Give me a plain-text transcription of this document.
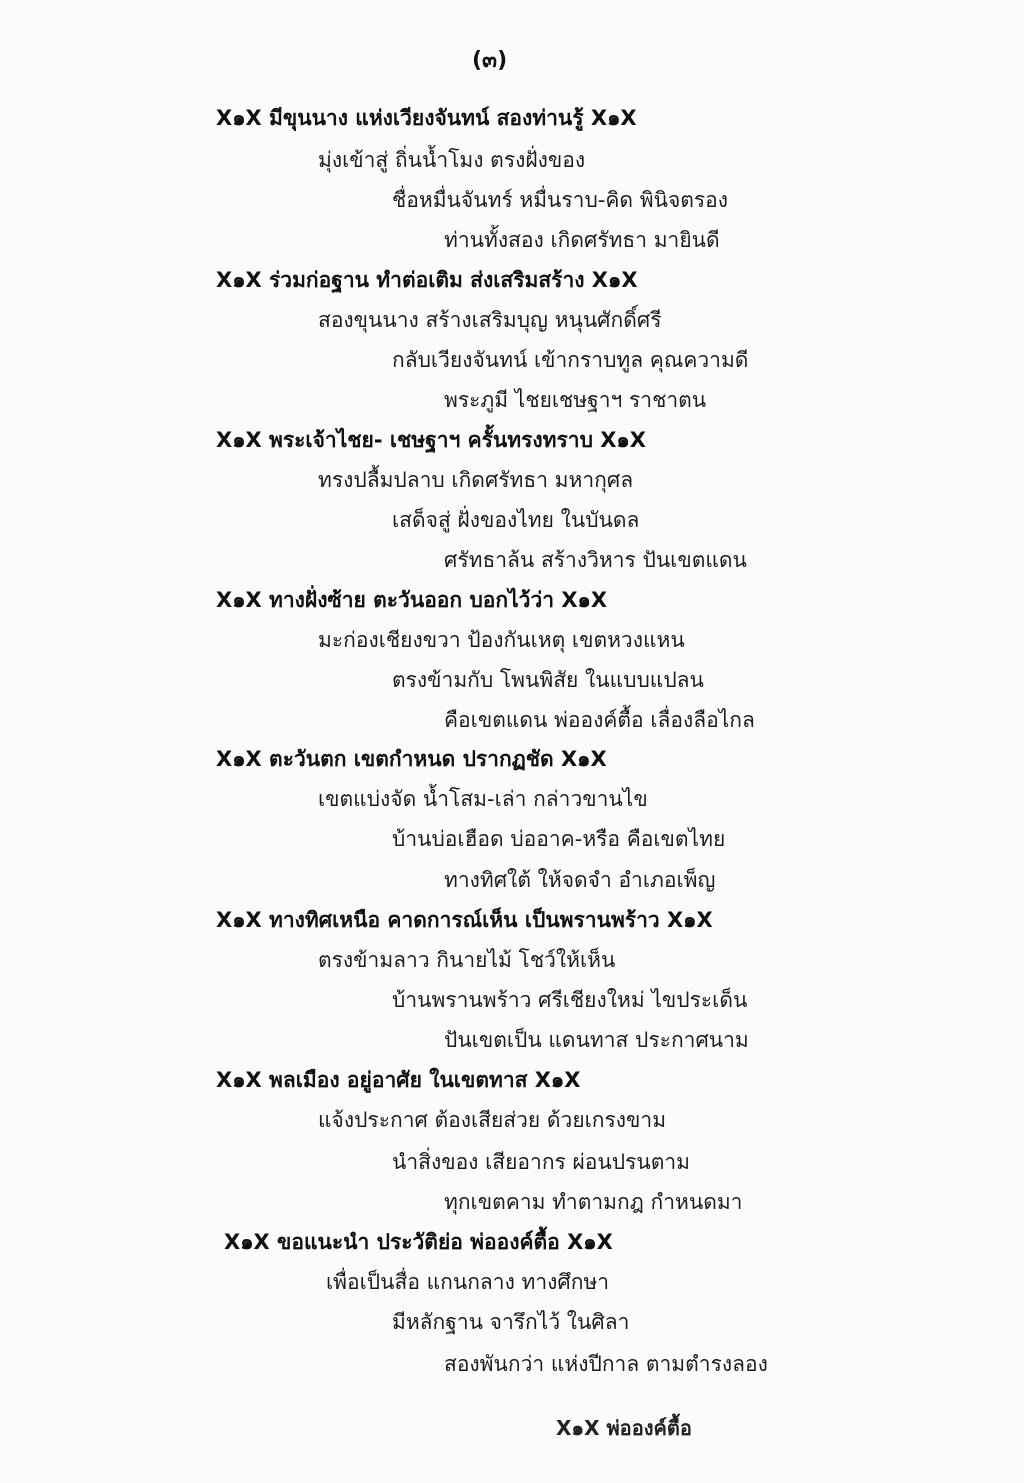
(๓)
X๑X มีขุนนาง แห่งเวียงจันทน์ สองท่านรู้ X๑X
มุ่งเข้าสู่ ถิ่นน้ำโมง ตรงฝั่งของ
ชื่อหมื่นจันทร์ หมื่นราบ-คิด พินิจตรอง
ท่านทั้งสอง เกิดศรัทธา มายินดี
X๑X ร่วมก่อฐาน ทำต่อเติม ส่งเสริมสร้าง X๑X
สองขุนนาง สร้างเสริมบุญ หนุนศักดิ์ศรี
กลับเวียงจันทน์ เข้ากราบทูล คุณความดี
พระภูมี ไชยเชษฐาฯ ราชาตน
X๑X พระเจ้าไชย- เชษฐาฯ ครั้นทรงทราบ X๑X
ทรงปลื้มปลาบ เกิดศรัทธา มหากุศล
เสด็จสู่ ฝั่งของไทย ในบันดล
ศรัทธาล้น สร้างวิหาร ปันเขตแดน
X๑X ทางฝั่งซ้าย ตะวันออก บอกไว้ว่า X๑X
มะก่องเชียงขวา ป้องกันเหตุ เขตหวงแหน
ตรงข้ามกับ โพนพิสัย ในแบบแปลน
คือเขตแดน พ่อองค์ตื้อ เลื่องลือไกล
X๑X ตะวันตก เขตกำหนด ปรากฏชัด X๑X
เขตแบ่งจัด น้ำโสม-เล่า กล่าวขานไข
บ้านบ่อเฮือด บ่ออาค-หรือ คือเขตไทย
ทางทิศใต้ ให้จดจำ อำเภอเพ็ญ
X๑X ทางทิศเหนือ คาดการณ์เห็น เป็นพรานพร้าว X๑X
ตรงข้ามลาว กินายไม้ โชว์ให้เห็น
บ้านพรานพร้าว ศรีเชียงใหม่ ไขประเด็น
ปันเขตเป็น แดนทาส ประกาศนาม
X๑X พลเมือง อยู่อาศัย ในเขตทาส X๑X
แจ้งประกาศ ต้องเสียส่วย ด้วยเกรงขาม
นำสิ่งของ เสียอากร ผ่อนปรนตาม
ทุกเขตคาม ทำตามกฎ กำหนดมา
X๑X ขอแนะนำ ประวัติย่อ พ่อองค์ตื้อ X๑X
เพื่อเป็นสื่อ แกนกลาง ทางศึกษา
มีหลักฐาน จารึกไว้ ในศิลา
สองพันกว่า แห่งปีกาล ตามตำรงลอง
X๑X พ่อองค์ตื้อ
